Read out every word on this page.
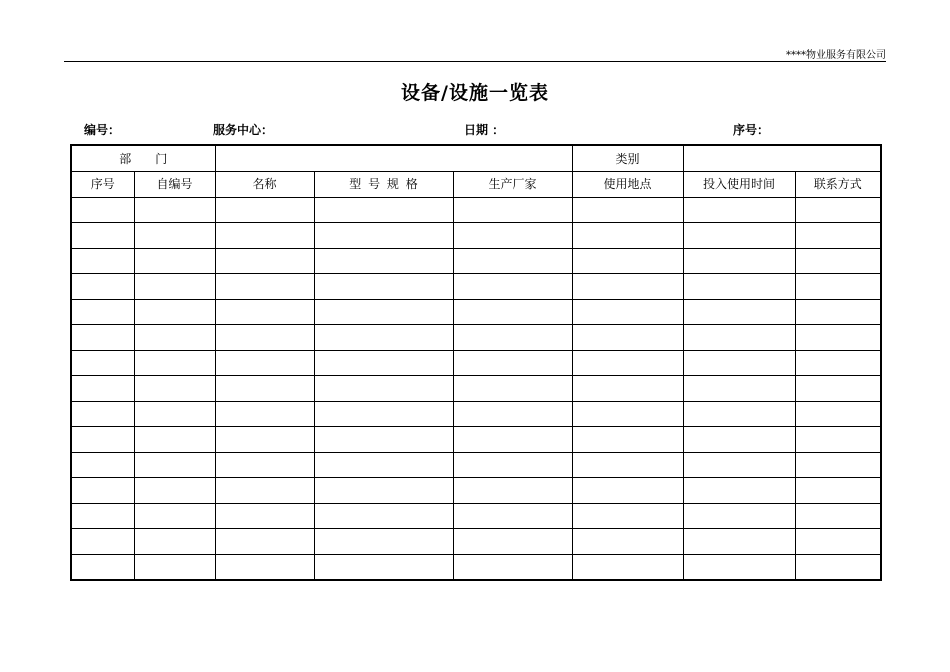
****物业服务有限公司
设备/设施一览表
编号：	服务中心：	日期 ：	序号：
部　　门					类别		
序号	自编号	名称	型 号 规 格	生产厂家	使用地点	投入使用时间	联系方式
